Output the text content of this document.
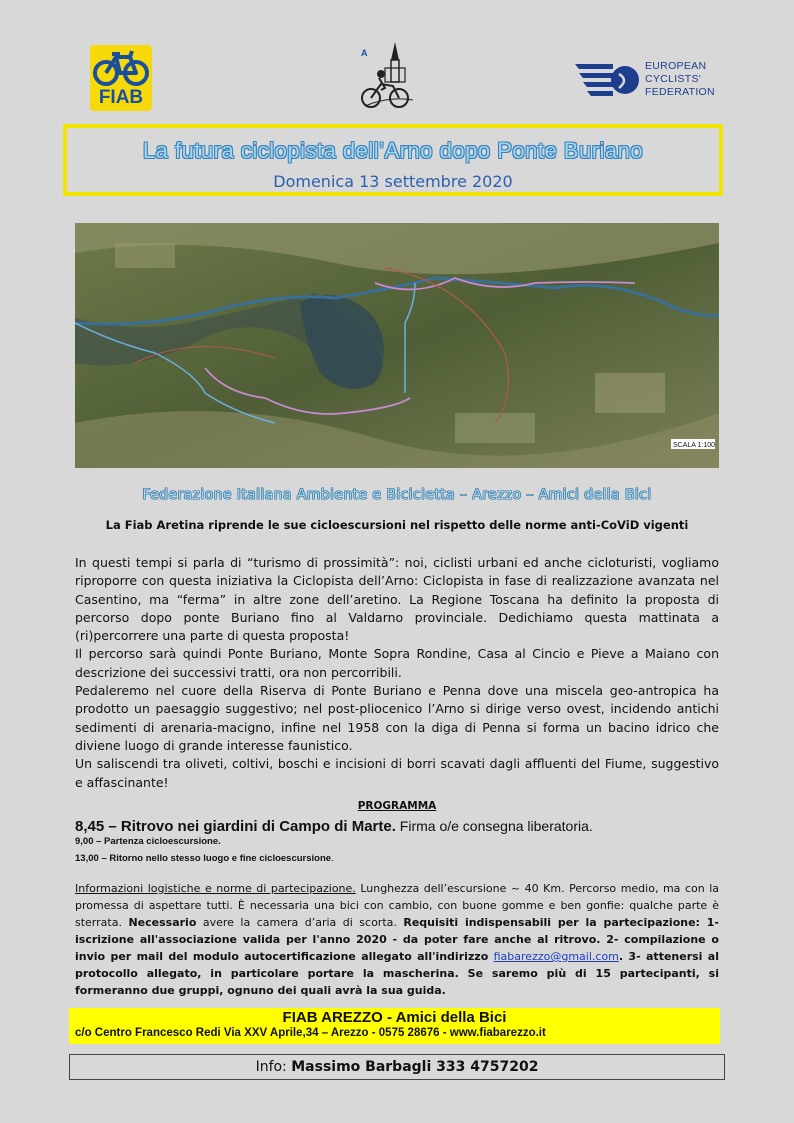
FIAB
A
EUROPEAN
CYCLISTS'
FEDERATION
La futura ciclopista dell’Arno dopo Ponte Buriano
Domenica 13 settembre 2020
SCALA 1:100
Federazione Italiana Ambiente e Bicicletta – Arezzo – Amici della Bici
La Fiab Aretina riprende le sue cicloescursioni nel rispetto delle norme anti-CoViD vigenti

In questi tempi si parla di “turismo di prossimità”: noi, ciclisti urbani ed anche cicloturisti, vogliamo riproporre con questa iniziativa la Ciclopista dell’Arno: Ciclopista in fase di realizzazione avanzata nel Casentino, ma “ferma” in altre zone dell’aretino. La Regione Toscana ha definito la proposta di percorso dopo ponte Buriano fino al Valdarno provinciale. Dedichiamo questa mattinata a (ri)percorrere una parte di questa proposta!

Il percorso sarà quindi Ponte Buriano, Monte Sopra Rondine, Casa al Cincio e Pieve a Maiano con descrizione dei successivi tratti, ora non percorribili.

Pedaleremo nel cuore della Riserva di Ponte Buriano e Penna dove una miscela geo-antropica ha prodotto un paesaggio suggestivo; nel post-pliocenico l’Arno si dirige verso ovest, incidendo antichi sedimenti di arenaria-macigno, infine nel 1958 con la diga di Penna si forma un bacino idrico che diviene luogo di grande interesse faunistico.

Un saliscendi tra oliveti, coltivi, boschi e incisioni di borri scavati dagli affluenti del Fiume, suggestivo e affascinante!

PROGRAMMA
8,45 – Ritrovo nei giardini di Campo di Marte. Firma o/e consegna liberatoria.
9,00 – Partenza cicloescursione.
13,00 – Ritorno nello stesso luogo e fine cicloescursione.
Informazioni logistiche e norme di partecipazione. Lunghezza dell’escursione ~ 40 Km. Percorso medio, ma con la promessa di aspettare tutti. È necessaria una bici con cambio, con buone gomme e ben gonfie: qualche parte è sterrata. Necessario avere la camera d’aria di scorta. Requisiti indispensabili per la partecipazione: 1- iscrizione all'associazione valida per l'anno 2020 - da poter fare anche al ritrovo. 2- compilazione o invio per mail del modulo autocertificazione allegato all'indirizzo fiabarezzo@gmail.com. 3- attenersi al protocollo allegato, in particolare portare la mascherina. Se saremo più di 15 partecipanti, si formeranno due gruppi, ognuno dei quali avrà la sua guida.
FIAB AREZZO - Amici della Bici
c/o Centro Francesco Redi Via XXV Aprile,34 – Arezzo - 0575 28676 - www.fiabarezzo.it
Info: Massimo Barbagli 333 4757202
